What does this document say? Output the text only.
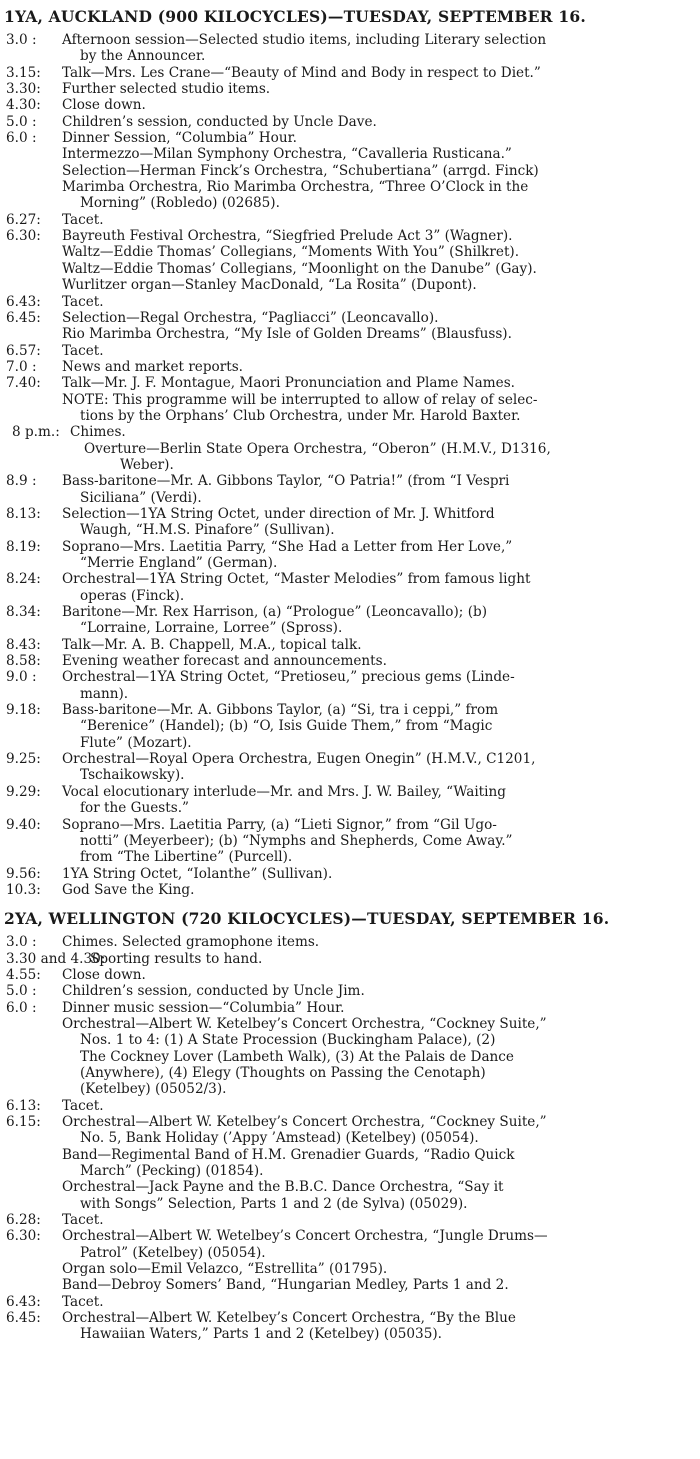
1YA, AUCKLAND (900 KILOCYCLES)—TUESDAY, SEPTEMBER 16.
3.0 : Afternoon session—Selected studio items, including Literary selection
by the Announcer.
3.15: Talk—Mrs. Les Crane—“Beauty of Mind and Body in respect to Diet.”
3.30: Further selected studio items.
4.30: Close down.
5.0 : Children’s session, conducted by Uncle Dave.
6.0 : Dinner Session, “Columbia” Hour.
Intermezzo—Milan Symphony Orchestra, “Cavalleria Rusticana.”
Selection—Herman Finck’s Orchestra, “Schubertiana” (arrgd. Finck)
Marimba Orchestra, Rio Marimba Orchestra, “Three O’Clock in the
Morning” (Robledo) (02685).
6.27: Tacet.
6.30: Bayreuth Festival Orchestra, “Siegfried Prelude Act 3” (Wagner).
Waltz—Eddie Thomas’ Collegians, “Moments With You” (Shilkret).
Waltz—Eddie Thomas’ Collegians, “Moonlight on the Danube” (Gay).
Wurlitzer organ—Stanley MacDonald, “La Rosita” (Dupont).
6.43: Tacet.
6.45: Selection—Regal Orchestra, “Pagliacci” (Leoncavallo).
Rio Marimba Orchestra, “My Isle of Golden Dreams” (Blausfuss).
6.57: Tacet.
7.0 : News and market reports.
7.40: Talk—Mr. J. F. Montague, Maori Pronunciation and Plame Names.
NOTE: This programme will be interrupted to allow of relay of selec-
tions by the Orphans’ Club Orchestra, under Mr. Harold Baxter.
8 p.m.: Chimes.
Overture—Berlin State Opera Orchestra, “Oberon” (H.M.V., D1316,
Weber).
8.9 : Bass-baritone—Mr. A. Gibbons Taylor, “O Patria!” (from “I Vespri
Siciliana” (Verdi).
8.13: Selection—1YA String Octet, under direction of Mr. J. Whitford
Waugh, “H.M.S. Pinafore” (Sullivan).
8.19: Soprano—Mrs. Laetitia Parry, “She Had a Letter from Her Love,”
“Merrie England” (German).
8.24: Orchestral—1YA String Octet, “Master Melodies” from famous light
operas (Finck).
8.34: Baritone—Mr. Rex Harrison, (a) “Prologue” (Leoncavallo); (b)
“Lorraine, Lorraine, Lorree” (Spross).
8.43: Talk—Mr. A. B. Chappell, M.A., topical talk.
8.58: Evening weather forecast and announcements.
9.0 : Orchestral—1YA String Octet, “Pretioseu,” precious gems (Linde-
mann).
9.18: Bass-baritone—Mr. A. Gibbons Taylor, (a) “Si, tra i ceppi,” from
“Berenice” (Handel); (b) “O, Isis Guide Them,” from “Magic
Flute” (Mozart).
9.25: Orchestral—Royal Opera Orchestra, Eugen Onegin” (H.M.V., C1201,
Tschaikowsky).
9.29: Vocal elocutionary interlude—Mr. and Mrs. J. W. Bailey, “Waiting
for the Guests.”
9.40: Soprano—Mrs. Laetitia Parry, (a) “Lieti Signor,” from “Gil Ugo-
notti” (Meyerbeer); (b) “Nymphs and Shepherds, Come Away.”
from “The Libertine” (Purcell).
9.56: 1YA String Octet, “Iolanthe” (Sullivan).
10.3: God Save the King.
2YA, WELLINGTON (720 KILOCYCLES)—TUESDAY, SEPTEMBER 16.
3.0 : Chimes. Selected gramophone items.
3.30 and 4.30:
Sporting results to hand.
4.55: Close down.
5.0 : Children’s session, conducted by Uncle Jim.
6.0 : Dinner music session—“Columbia” Hour.
Orchestral—Albert W. Ketelbey’s Concert Orchestra, “Cockney Suite,”
Nos. 1 to 4: (1) A State Procession (Buckingham Palace), (2)
The Cockney Lover (Lambeth Walk), (3) At the Palais de Dance
(Anywhere), (4) Elegy (Thoughts on Passing the Cenotaph)
(Ketelbey) (05052/3).
6.13: Tacet.
6.15: Orchestral—Albert W. Ketelbey’s Concert Orchestra, “Cockney Suite,”
No. 5, Bank Holiday (’Appy ’Amstead) (Ketelbey) (05054).
Band—Regimental Band of H.M. Grenadier Guards, “Radio Quick
March” (Pecking) (01854).
Orchestral—Jack Payne and the B.B.C. Dance Orchestra, “Say it
with Songs” Selection, Parts 1 and 2 (de Sylva) (05029).
6.28: Tacet.
6.30: Orchestral—Albert W. Wetelbey’s Concert Orchestra, “Jungle Drums—
Patrol” (Ketelbey) (05054).
Organ solo—Emil Velazco, “Estrellita” (01795).
Band—Debroy Somers’ Band, “Hungarian Medley, Parts 1 and 2.
6.43: Tacet.
6.45: Orchestral—Albert W. Ketelbey’s Concert Orchestra, “By the Blue
Hawaiian Waters,” Parts 1 and 2 (Ketelbey) (05035).
